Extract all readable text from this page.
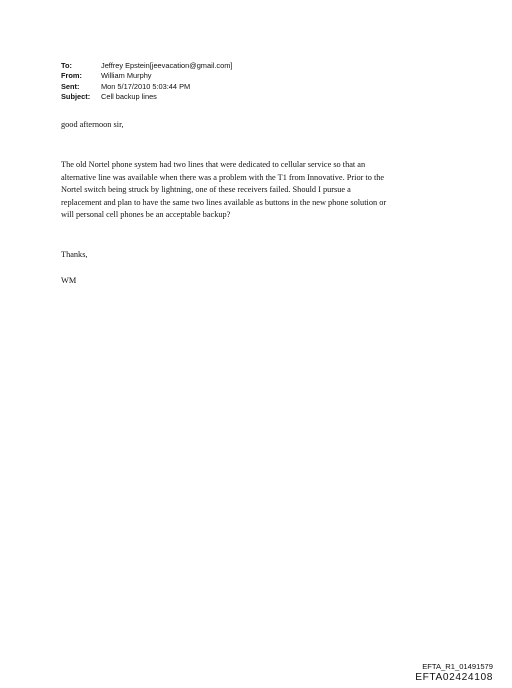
To:	Jeffrey Epstein[jeevacation@gmail.com]
From:	William Murphy
Sent:	Mon 5/17/2010 5:03:44 PM
Subject:	Cell backup lines
good afternoon sir,
The old Nortel phone system had two lines that were dedicated to cellular service so that an
alternative line was available when there was a problem with the T1 from Innovative. Prior to the
Nortel switch being struck by lightning, one of these receivers failed. Should I pursue a
replacement and plan to have the same two lines available as buttons in the new phone solution or
will personal cell phones be an acceptable backup?
Thanks,
WM
EFTA_R1_01491579
EFTA02424108
